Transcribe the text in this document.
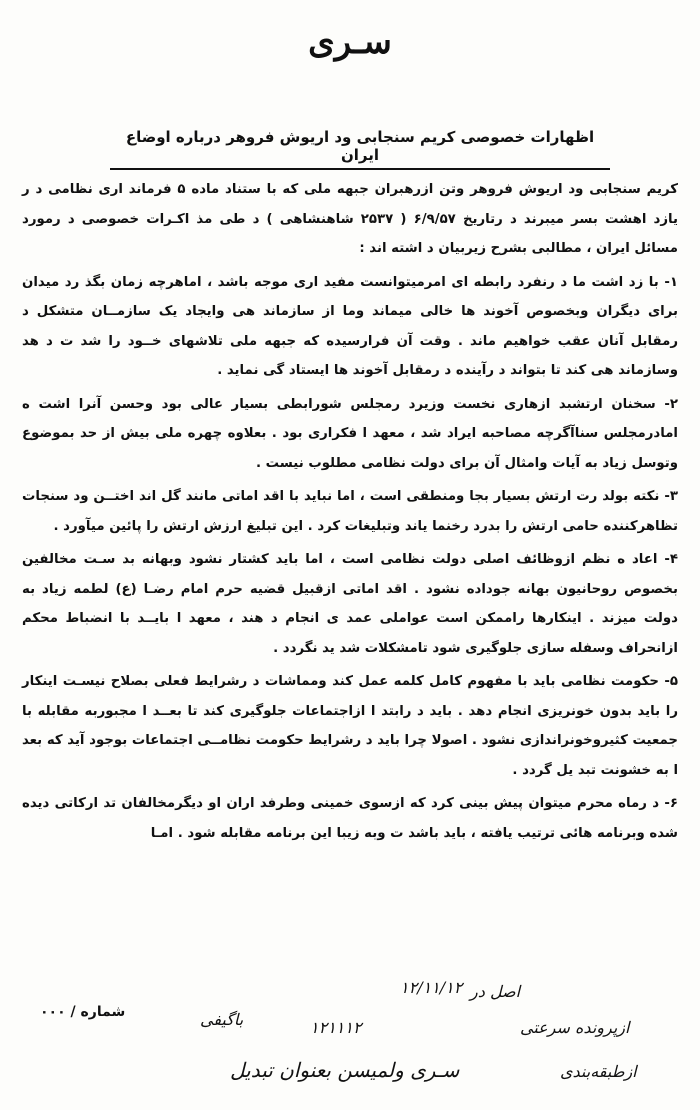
سـری
اظهارات خصوصی کریم سنجابی ود اریوش فروهر درباره اوضاع ایران

کریم سنجابی ود اریوش فروهر وتن ازرهبران جبهه ملی که با ستناد ماده ۵ فرماند اری نظامی د ر یازد اهشت بسر میبرند د رتاریخ ۶/۹/۵۷ ( ۲۵۳۷ شاهنشاهی ) د طی مذ اکـرات خصوصی د رمورد مسائل ایران ، مطالبی بشرح زیربیان د اشته اند :

۱- با زد اشت ما د رنفرد رابطه ای امرمیتوانست مفید اری موجه باشد ، اماهرچه زمان بگذ رد میدان برای دیگران وبخصوص آخوند ها خالی میماند وما از سازماند هی وایجاد یک سازمــان متشکل د رمقابل آنان عقب خواهیم ماند . وقت آن فرارسیده که جبهه ملی تلاشهای خــود را شد ت د هد وسازماند هی کند تا بتواند د رآینده د رمقابل آخوند ها ایستاد گی نماید .

۲- سخنان ارتشبد ازهاری نخست وزیرد رمجلس شورابطی بسیار عالی بود وحسن آنرا اشت ه امادرمجلس سناآگرچه مصاحبه ایراد شد ، معهد ا فکراری بود . بعلاوه چهره ملی بیش از حد بموضوع وتوسل زیاد به آیات وامثال آن برای دولت نظامی مطلوب نیست .

۳- نکته بولد رت ارتش بسیار بجا ومنطقی است ، اما نباید با اقد اماتی مانند گل اند اختــن ود سنجات تظاهرکننده حامی ارتش را بدرد رخنما یاند وتبلیغات کرد . این تبلیغ ارزش ارتش را پائین میآورد .

۴- اعاد ه نظم ازوظائف اصلی دولت نظامی است ، اما باید کشتار نشود وبهانه بد سـت مخالفین بخصوص روحانیون بهانه جوداده نشود . اقد اماتی ازقبیل قضیه حرم امام رضـا (ع) لطمه زیاد به دولت میزند . اینکارها راممکن است عواملی عمد ی انجام د هند ، معهد ا بایــد با انضباط محکم ازانحراف وسفله سازی جلوگیری شود تامشکلات شد ید نگردد .

۵- حکومت نظامی باید با مفهوم کامل کلمه عمل کند ومماشات د رشرایط فعلی بصلاح نیسـت اینکار را باید بدون خونریزی انجام دهد . باید د رابتد ا ازاجتماعات جلوگیری کند تا بعــد ا مجبوربه مقابله با جمعیت کثیروخونراندازی نشود . اصولا چرا باید د رشرایط حکومت نظامــی اجتماعات بوجود آید که بعد ا به خشونت تبد یل گردد .

۶- د رماه محرم میتوان پیش بینی کرد که ازسوی خمینی وطرفد اران او دیگرمخالفان تد ارکاتی دیده شده وبرنامه هائی ترتیب یافته ، باید باشد ت وبه زیبا این برنامه مقابله شود . امـا

شماره / ۰۰۰
اصل در
۱۲/۱۱/۱۲
ازپرونده سرعتی
۱۲۱۱۱۲
باگیفی
سـری ولمیسن بعنوان تبدیل	ازطبقه‌بندی
